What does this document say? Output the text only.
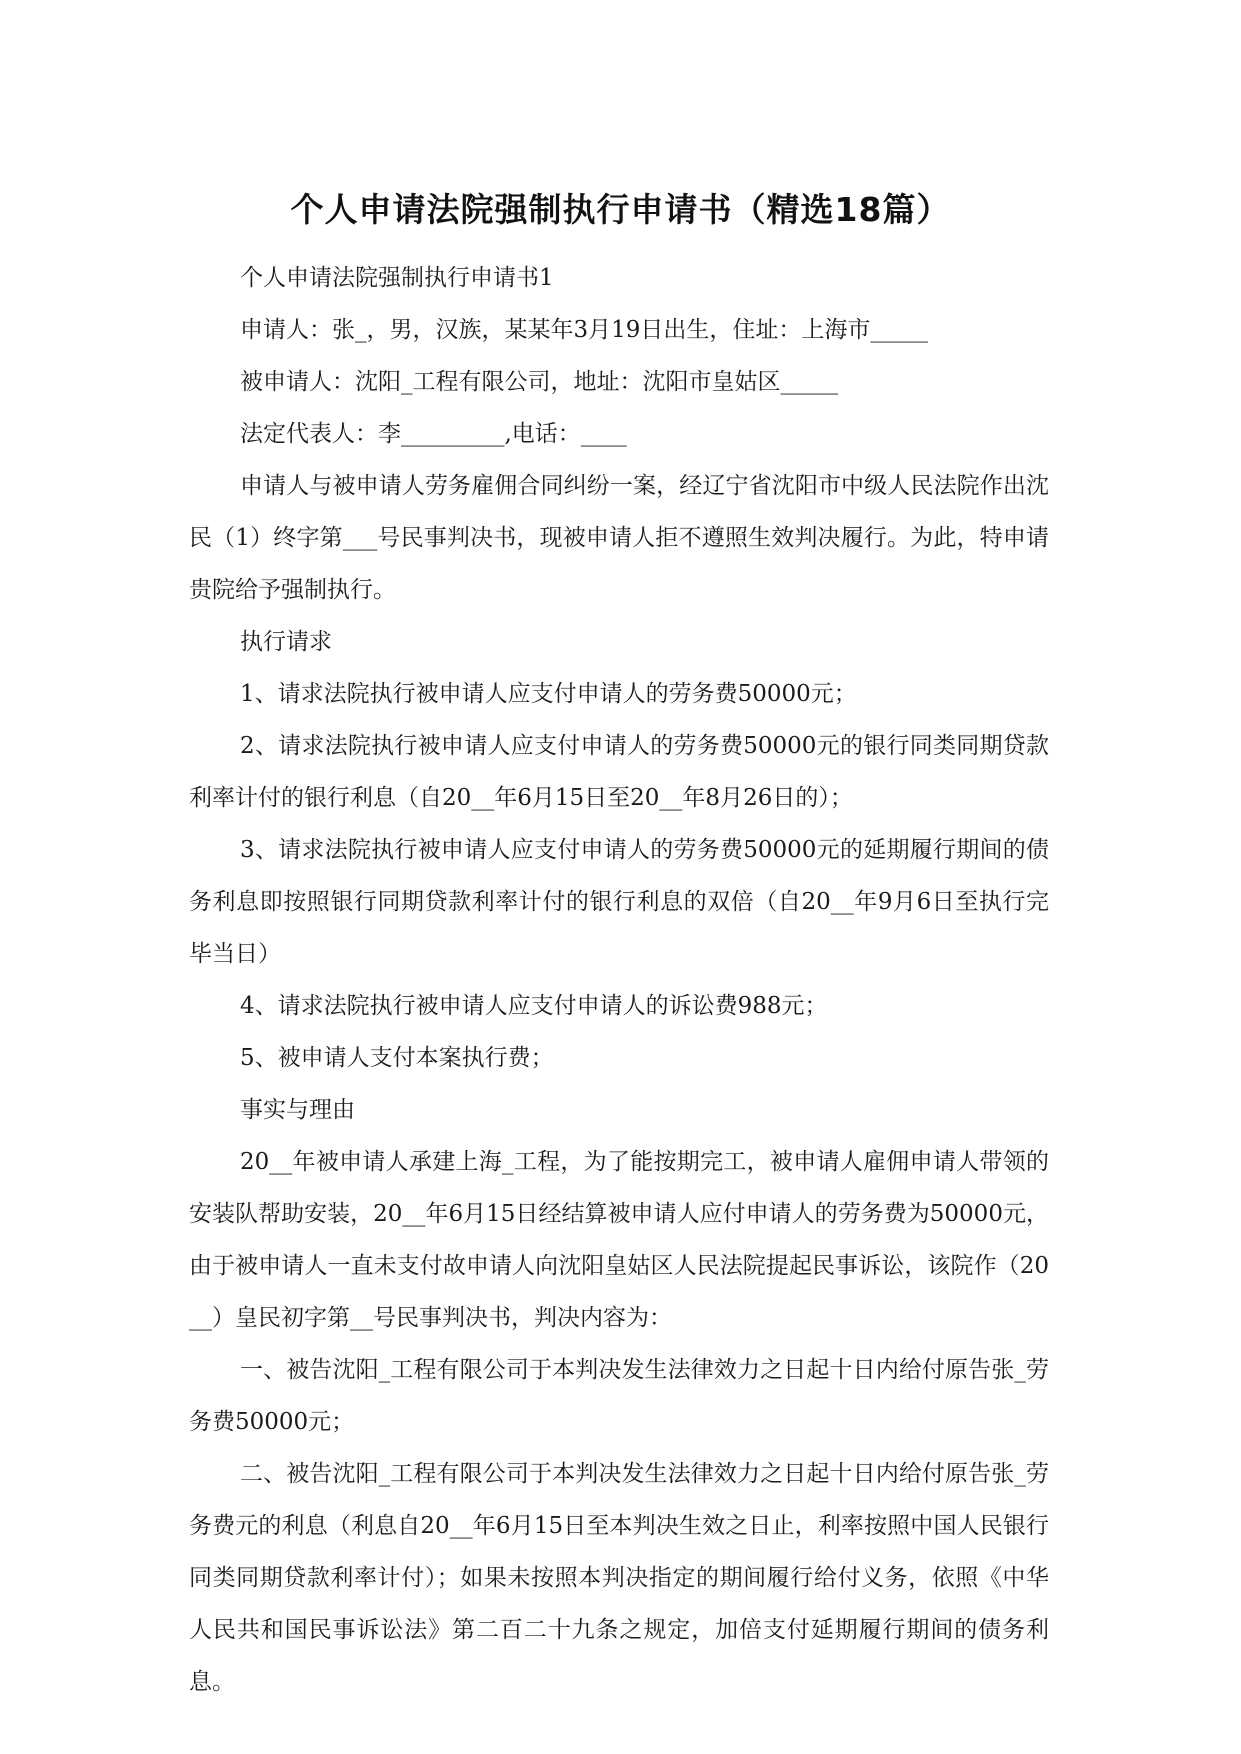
个人申请法院强制执行申请书（精选18篇）

个人申请法院强制执行申请书1

申请人：张_，男，汉族，某某年3月19日出生，住址：上海市_____

被申请人：沈阳_工程有限公司，地址：沈阳市皇姑区_____

法定代表人：李_________,电话：____

申请人与被申请人劳务雇佣合同纠纷一案，经辽宁省沈阳市中级人民法院作出沈民（1）终字第___号民事判决书，现被申请人拒不遵照生效判决履行。为此，特申请贵院给予强制执行。

执行请求

1、请求法院执行被申请人应支付申请人的劳务费50000元；

2、请求法院执行被申请人应支付申请人的劳务费50000元的银行同类同期贷款利率计付的银行利息（自20__年6月15日至20__年8月26日的）；

3、请求法院执行被申请人应支付申请人的劳务费50000元的延期履行期间的债务利息即按照银行同期贷款利率计付的银行利息的双倍（自20__年9月6日至执行完毕当日）

4、请求法院执行被申请人应支付申请人的诉讼费988元；

5、被申请人支付本案执行费；

事实与理由

20__年被申请人承建上海_工程，为了能按期完工，被申请人雇佣申请人带领的安装队帮助安装，20__年6月15日经结算被申请人应付申请人的劳务费为50000元，由于被申请人一直未支付故申请人向沈阳皇姑区人民法院提起民事诉讼，该院作（20__）皇民初字第__号民事判决书，判决内容为：

一、被告沈阳_工程有限公司于本判决发生法律效力之日起十日内给付原告张_劳务费50000元；

二、被告沈阳_工程有限公司于本判决发生法律效力之日起十日内给付原告张_劳务费元的利息（利息自20__年6月15日至本判决生效之日止，利率按照中国人民银行同类同期贷款利率计付）；如果未按照本判决指定的期间履行给付义务，依照《中华人民共和国民事诉讼法》第二百二十九条之规定，加倍支付延期履行期间的债务利息。
